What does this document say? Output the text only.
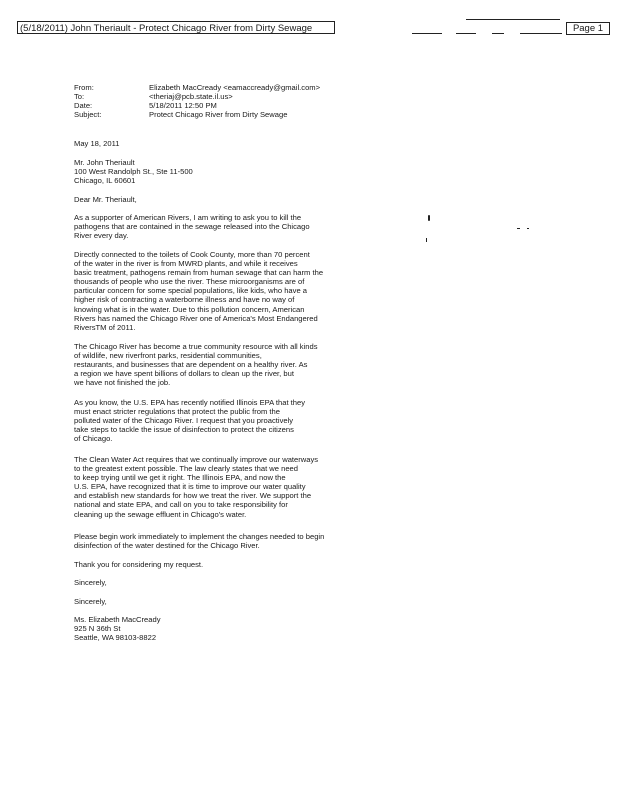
(5/18/2011) John Theriault - Protect Chicago River from Dirty Sewage	Page 1
From:	Elizabeth MacCready <eamaccready@gmail.com>
To:	<theriaj@pcb.state.il.us>
Date:	5/18/2011 12:50 PM
Subject:	Protect Chicago River from Dirty Sewage
May 18, 2011
Mr. John Theriault
100 West Randolph St., Ste 11-500
Chicago, IL 60601
Dear Mr. Theriault,
As a supporter of American Rivers, I am writing to ask you to kill the
pathogens that are contained in the sewage released into the Chicago
River every day.
Directly connected to the toilets of Cook County, more than 70 percent
of the water in the river is from MWRD plants, and while it receives
basic treatment, pathogens remain from human sewage that can harm the
thousands of people who use the river. These microorganisms are of
particular concern for some special populations, like kids, who have a
higher risk of contracting a waterborne illness and have no way of
knowing what is in the water. Due to this pollution concern, American
Rivers has named the Chicago River one of America's Most Endangered
RiversTM of 2011.
The Chicago River has become a true community resource with all kinds
of wildlife, new riverfront parks, residential communities,
restaurants, and businesses that are dependent on a healthy river. As
a region we have spent billions of dollars to clean up the river, but
we have not finished the job.
As you know, the U.S. EPA has recently notified Illinois EPA that they
must enact stricter regulations that protect the public from the
polluted water of the Chicago River. I request that you proactively
take steps to tackle the issue of disinfection to protect the citizens
of Chicago.
The Clean Water Act requires that we continually improve our waterways
to the greatest extent possible. The law clearly states that we need
to keep trying until we get it right. The Illinois EPA, and now the
U.S. EPA, have recognized that it is time to improve our water quality
and establish new standards for how we treat the river. We support the
national and state EPA, and call on you to take responsibility for
cleaning up the sewage effluent in Chicago's water.
Please begin work immediately to implement the changes needed to begin
disinfection of the water destined for the Chicago River.
Thank you for considering my request.
Sincerely,
Sincerely,
Ms. Elizabeth MacCready
925 N 36th St
Seattle, WA 98103-8822
